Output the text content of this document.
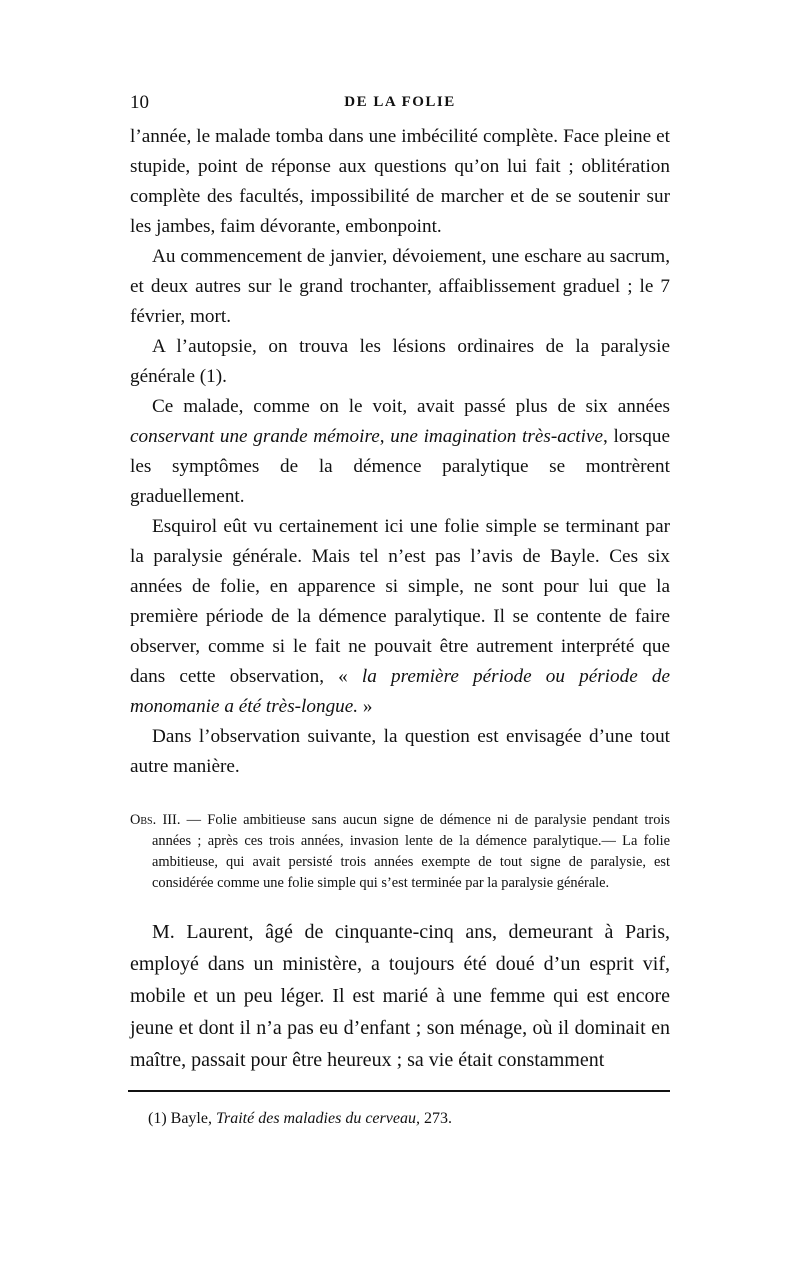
10	DE LA FOLIE

l’année, le malade tomba dans une imbécilité complète. Face pleine et stupide, point de réponse aux questions qu’on lui fait ; oblitération complète des facultés, impossibilité de marcher et de se soutenir sur les jambes, faim dévorante, embonpoint.

Au commencement de janvier, dévoiement, une eschare au sacrum, et deux autres sur le grand trochanter, affaiblissement graduel ; le 7 février, mort.

A l’autopsie, on trouva les lésions ordinaires de la paralysie générale (1).

Ce malade, comme on le voit, avait passé plus de six années conservant une grande mémoire, une imagination très-active, lorsque les symptômes de la démence paralytique se montrèrent graduellement.

Esquirol eût vu certainement ici une folie simple se terminant par la paralysie générale. Mais tel n’est pas l’avis de Bayle. Ces six années de folie, en apparence si simple, ne sont pour lui que la première période de la démence paralytique. Il se contente de faire observer, comme si le fait ne pouvait être autrement interprété que dans cette observation, « la première période ou période de monomanie a été très-longue. »

Dans l’observation suivante, la question est envisagée d’une tout autre manière.

Obs. III. — Folie ambitieuse sans aucun signe de démence ni de paralysie pendant trois années ; après ces trois années, invasion lente de la démence paralytique.— La folie ambitieuse, qui avait persisté trois années exempte de tout signe de paralysie, est considérée comme une folie simple qui s’est terminée par la paralysie générale.

M. Laurent, âgé de cinquante-cinq ans, demeurant à Paris, employé dans un ministère, a toujours été doué d’un esprit vif, mobile et un peu léger. Il est marié à une femme qui est encore jeune et dont il n’a pas eu d’enfant ; son ménage, où il dominait en maître, passait pour être heureux ; sa vie était constamment

(1) Bayle, Traité des maladies du cerveau, 273.
